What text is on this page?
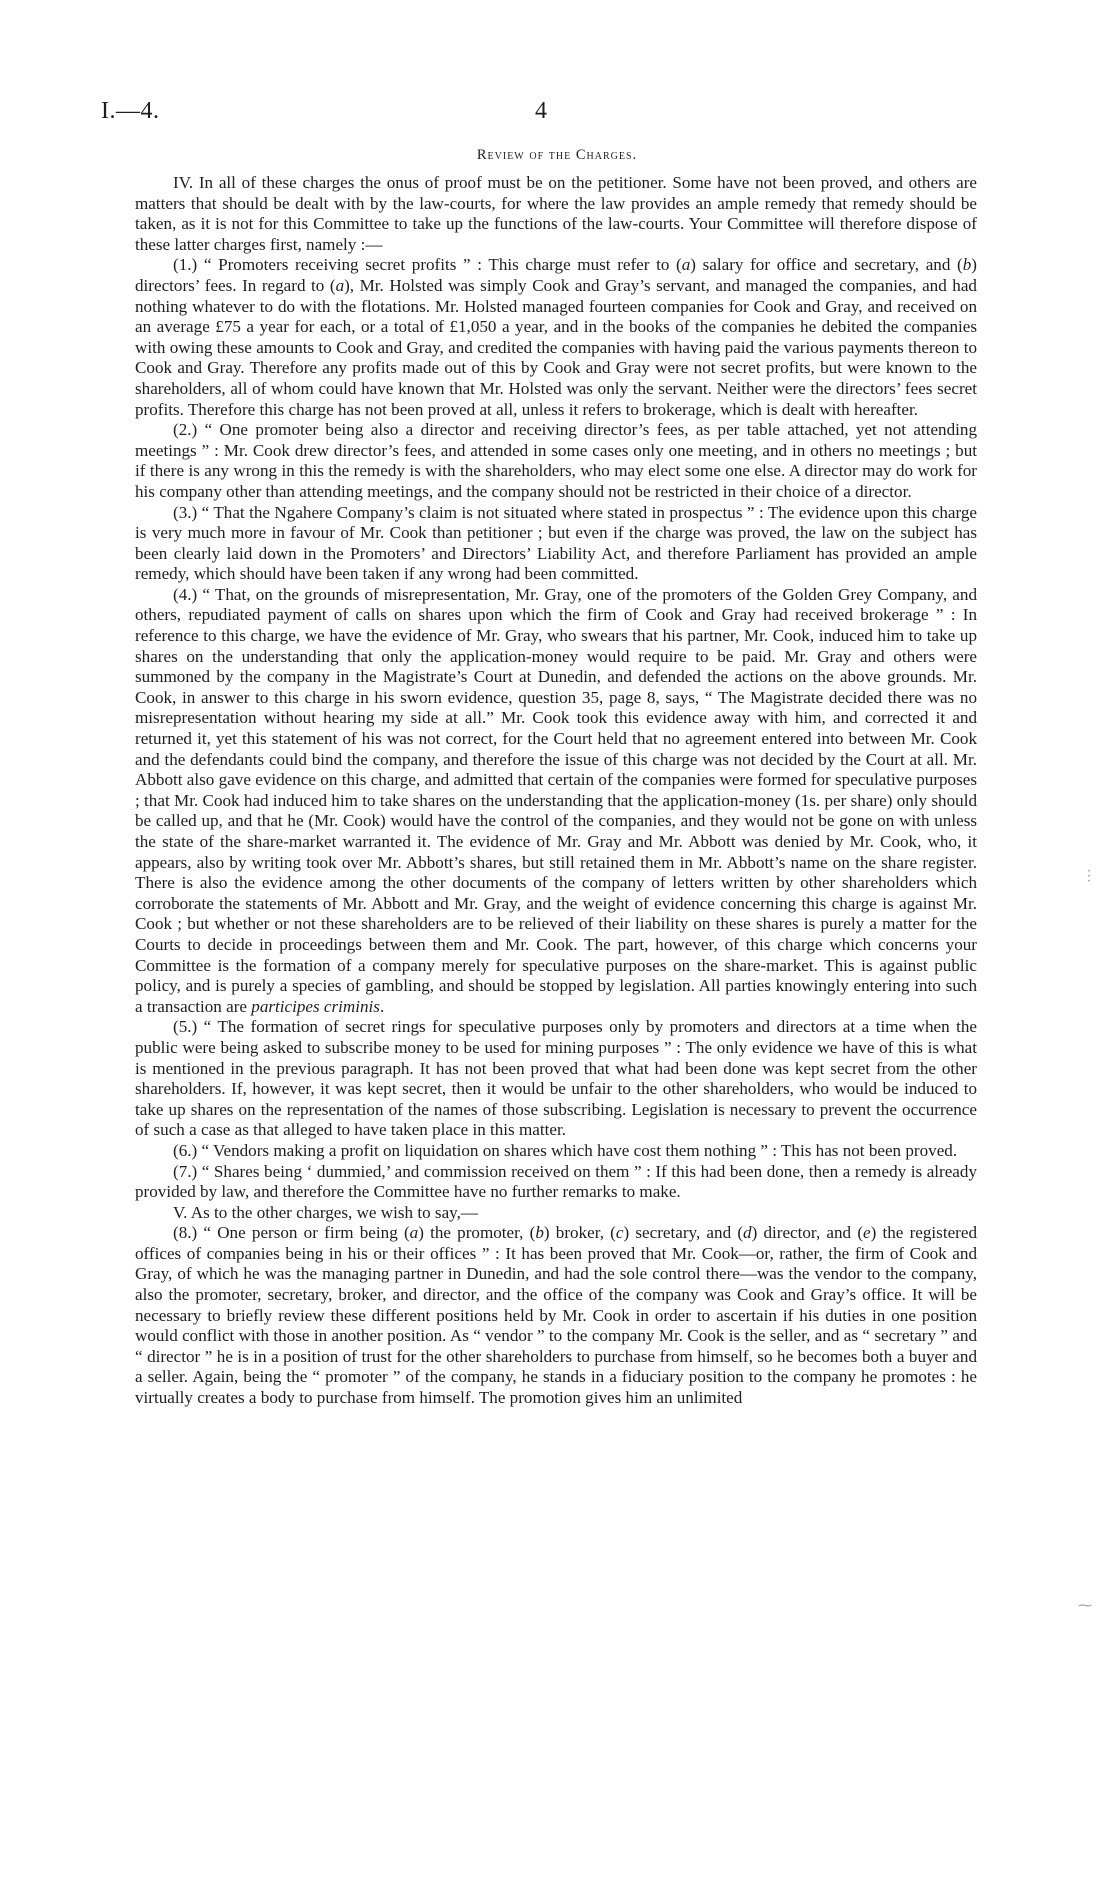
I.—4.	4
Review of the Charges.

IV. In all of these charges the onus of proof must be on the petitioner. Some have not been proved, and others are matters that should be dealt with by the law-courts, for where the law provides an ample remedy that remedy should be taken, as it is not for this Committee to take up the functions of the law-courts. Your Committee will therefore dispose of these latter charges first, namely :—

(1.) “ Promoters receiving secret profits ” : This charge must refer to (a) salary for office and secretary, and (b) directors’ fees. In regard to (a), Mr. Holsted was simply Cook and Gray’s servant, and managed the companies, and had nothing whatever to do with the flotations. Mr. Holsted managed fourteen companies for Cook and Gray, and received on an average £75 a year for each, or a total of £1,050 a year, and in the books of the companies he debited the companies with owing these amounts to Cook and Gray, and credited the companies with having paid the various payments thereon to Cook and Gray. Therefore any profits made out of this by Cook and Gray were not secret profits, but were known to the shareholders, all of whom could have known that Mr. Holsted was only the servant. Neither were the directors’ fees secret profits. Therefore this charge has not been proved at all, unless it refers to brokerage, which is dealt with hereafter.

(2.) “ One promoter being also a director and receiving director’s fees, as per table attached, yet not attending meetings ” : Mr. Cook drew director’s fees, and attended in some cases only one meeting, and in others no meetings ; but if there is any wrong in this the remedy is with the shareholders, who may elect some one else. A director may do work for his company other than attending meetings, and the company should not be restricted in their choice of a director.

(3.) “ That the Ngahere Company’s claim is not situated where stated in prospectus ” : The evidence upon this charge is very much more in favour of Mr. Cook than petitioner ; but even if the charge was proved, the law on the subject has been clearly laid down in the Promoters’ and Directors’ Liability Act, and therefore Parliament has provided an ample remedy, which should have been taken if any wrong had been committed.

(4.) “ That, on the grounds of misrepresentation, Mr. Gray, one of the promoters of the Golden Grey Company, and others, repudiated payment of calls on shares upon which the firm of Cook and Gray had received brokerage ” : In reference to this charge, we have the evidence of Mr. Gray, who swears that his partner, Mr. Cook, induced him to take up shares on the understanding that only the application-money would require to be paid. Mr. Gray and others were summoned by the company in the Magistrate’s Court at Dunedin, and defended the actions on the above grounds. Mr. Cook, in answer to this charge in his sworn evidence, question 35, page 8, says, “ The Magistrate decided there was no misrepresentation without hearing my side at all.” Mr. Cook took this evidence away with him, and corrected it and returned it, yet this statement of his was not correct, for the Court held that no agreement entered into between Mr. Cook and the defendants could bind the company, and therefore the issue of this charge was not decided by the Court at all. Mr. Abbott also gave evidence on this charge, and admitted that certain of the companies were formed for speculative purposes ; that Mr. Cook had induced him to take shares on the understanding that the application-money (1s. per share) only should be called up, and that he (Mr. Cook) would have the control of the companies, and they would not be gone on with unless the state of the share-market warranted it. The evidence of Mr. Gray and Mr. Abbott was denied by Mr. Cook, who, it appears, also by writing took over Mr. Abbott’s shares, but still retained them in Mr. Abbott’s name on the share register. There is also the evidence among the other documents of the company of letters written by other shareholders which corroborate the statements of Mr. Abbott and Mr. Gray, and the weight of evidence concerning this charge is against Mr. Cook ; but whether or not these shareholders are to be relieved of their liability on these shares is purely a matter for the Courts to decide in proceedings between them and Mr. Cook. The part, however, of this charge which concerns your Committee is the formation of a company merely for speculative purposes on the share-market. This is against public policy, and is purely a species of gambling, and should be stopped by legislation. All parties knowingly entering into such a transaction are participes criminis.

(5.) “ The formation of secret rings for speculative purposes only by promoters and directors at a time when the public were being asked to subscribe money to be used for mining purposes ” : The only evidence we have of this is what is mentioned in the previous paragraph. It has not been proved that what had been done was kept secret from the other shareholders. If, however, it was kept secret, then it would be unfair to the other shareholders, who would be induced to take up shares on the representation of the names of those subscribing. Legislation is necessary to prevent the occurrence of such a case as that alleged to have taken place in this matter.

(6.) “ Vendors making a profit on liquidation on shares which have cost them nothing ” : This has not been proved.

(7.) “ Shares being ‘ dummied,’ and commission received on them ” : If this had been done, then a remedy is already provided by law, and therefore the Committee have no further remarks to make.

V. As to the other charges, we wish to say,—

(8.) “ One person or firm being (a) the promoter, (b) broker, (c) secretary, and (d) director, and (e) the registered offices of companies being in his or their offices ” : It has been proved that Mr. Cook—or, rather, the firm of Cook and Gray, of which he was the managing partner in Dunedin, and had the sole control there—was the vendor to the company, also the promoter, secretary, broker, and director, and the office of the company was Cook and Gray’s office. It will be necessary to briefly review these different positions held by Mr. Cook in order to ascertain if his duties in one position would conflict with those in another position. As “ vendor ” to the company Mr. Cook is the seller, and as “ secretary ” and “ director ” he is in a position of trust for the other shareholders to purchase from himself, so he becomes both a buyer and a seller. Again, being the “ promoter ” of the company, he stands in a fiduciary position to the company he promotes : he virtually creates a body to purchase from himself. The promotion gives him an unlimited

⋮
⁓
